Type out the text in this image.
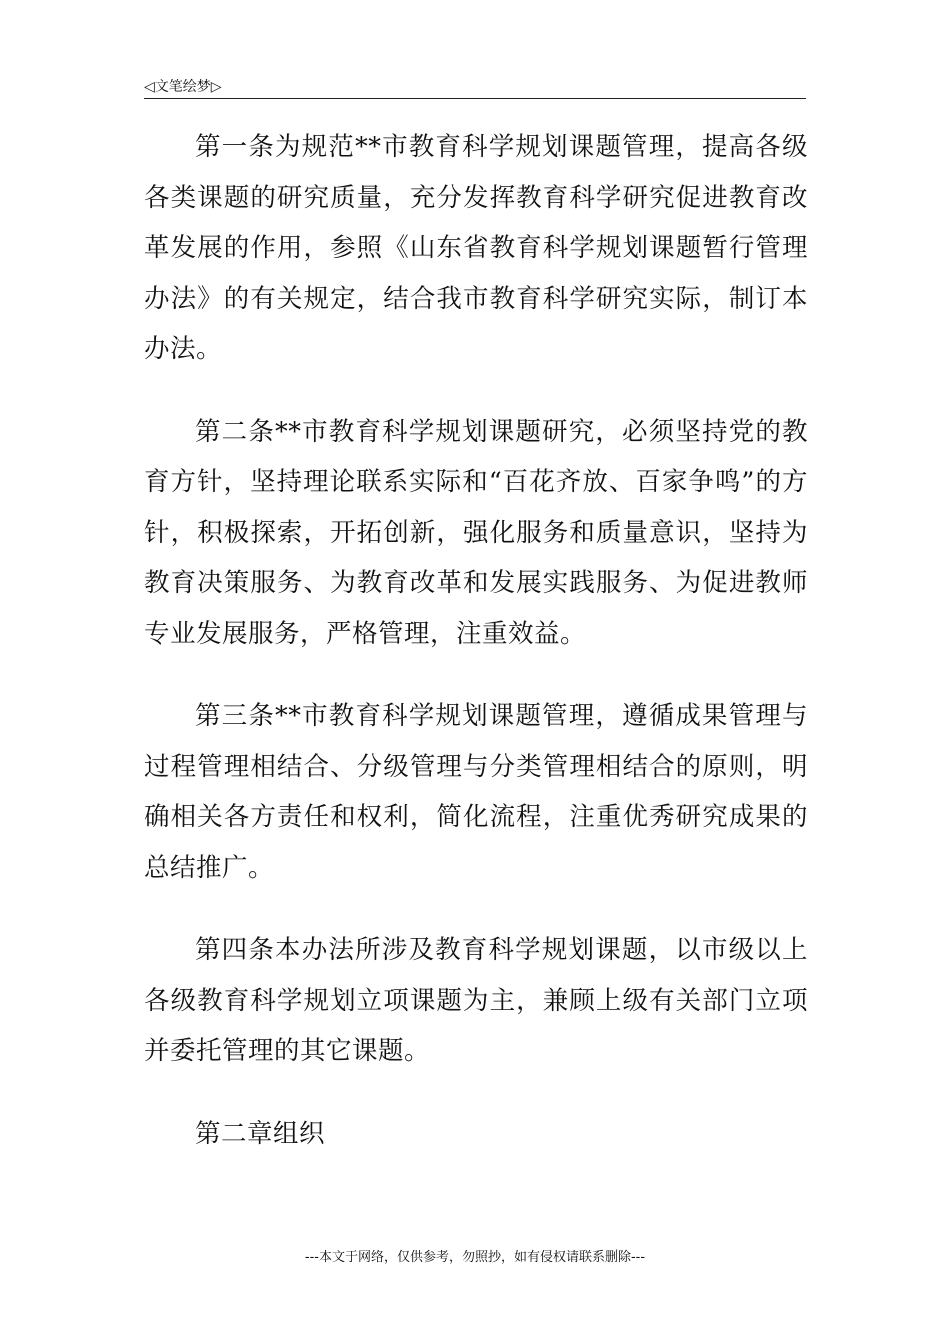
◁文笔绘梦▷

第一条为规范**市教育科学规划课题管理，提高各级各类课题的研究质量，充分发挥教育科学研究促进教育改革发展的作用，参照《山东省教育科学规划课题暂行管理办法》的有关规定，结合我市教育科学研究实际，制订本办法。

第二条**市教育科学规划课题研究，必须坚持党的教育方针，坚持理论联系实际和“百花齐放、百家争鸣”的方针，积极探索，开拓创新，强化服务和质量意识，坚持为教育决策服务、为教育改革和发展实践服务、为促进教师专业发展服务，严格管理，注重效益。

第三条**市教育科学规划课题管理，遵循成果管理与过程管理相结合、分级管理与分类管理相结合的原则，明确相关各方责任和权利，简化流程，注重优秀研究成果的总结推广。

第四条本办法所涉及教育科学规划课题，以市级以上各级教育科学规划立项课题为主，兼顾上级有关部门立项并委托管理的其它课题。

第二章组织

---本文于网络，仅供参考，勿照抄，如有侵权请联系删除---
